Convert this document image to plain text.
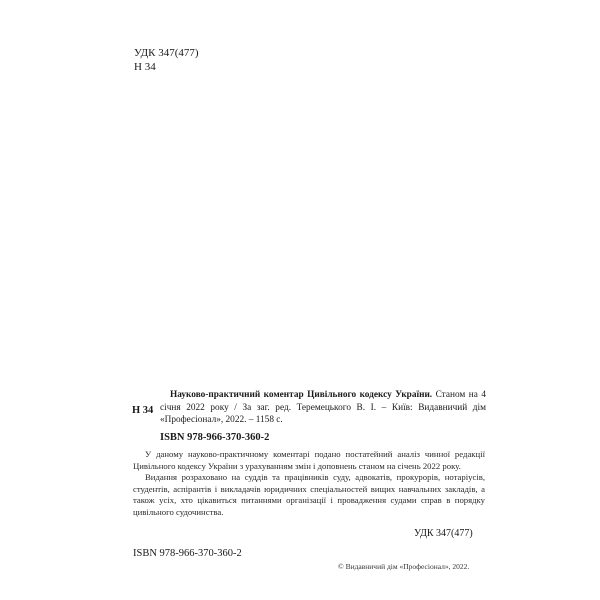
УДК 347(477)
Н 34
Н 34
Науково-практичний коментар Цивільного кодексу України. Станом на 4 січня 2022 року / За заг. ред. Теремецького В. І. – Київ: Видавничий дім «Професіонал», 2022. – 1158 с.
ISBN 978-966-370-360-2

У даному науково-практичному коментарі подано постатейний аналіз чинної редакції Цивільного кодексу України з урахуванням змін і доповнень станом на січень 2022 року.

Видання розраховано на суддів та працівників суду, адвокатів, прокурорів, нотаріусів, студентів, аспірантів і викладачів юридичних спеціальностей вищих навчальних закладів, а також усіх, хто цікавиться питаннями організації і провадження судами справ в порядку цивільного судочинства.

УДК 347(477)
ISBN 978-966-370-360-2
© Видавничий дім «Професіонал», 2022.
